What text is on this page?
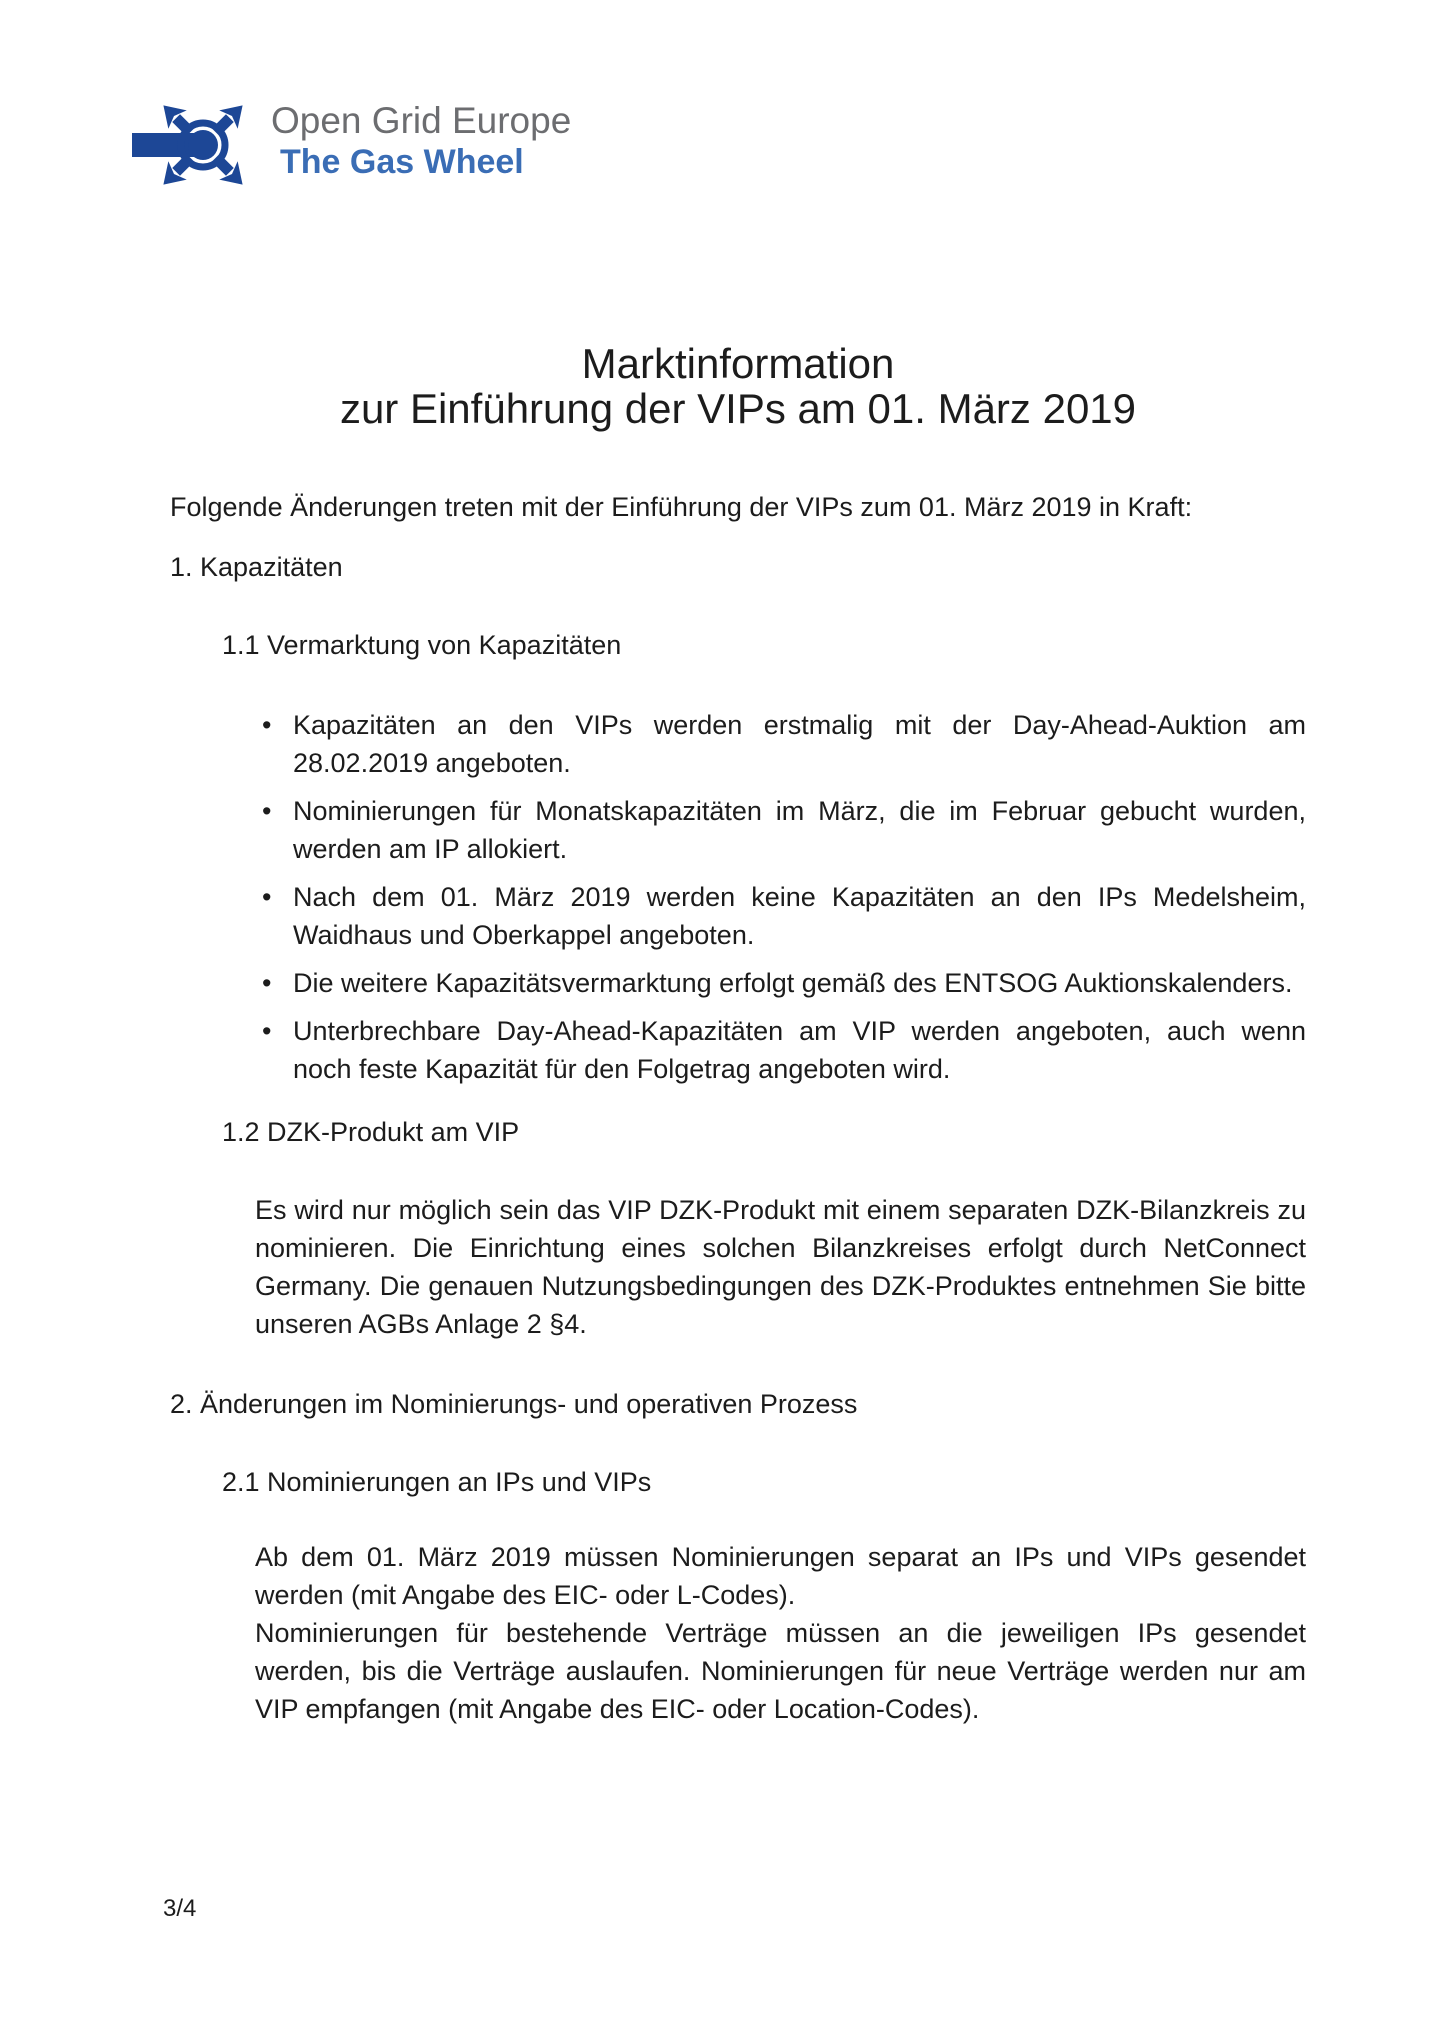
Open Grid Europe
The Gas Wheel
Marktinformation
zur Einführung der VIPs am 01. März 2019

Folgende Änderungen treten mit der Einführung der VIPs zum 01. März 2019 in Kraft:

1. Kapazitäten
1.1 Vermarktung von Kapazitäten
• Kapazitäten an den VIPs werden erstmalig mit der Day-Ahead-Auktion am 28.02.2019 angeboten.
• Nominierungen für Monatskapazitäten im März, die im Februar gebucht wurden, werden am IP allokiert.
• Nach dem 01. März 2019 werden keine Kapazitäten an den IPs Medelsheim, Waidhaus und Oberkappel angeboten.
• Die weitere Kapazitätsvermarktung erfolgt gemäß des ENTSOG Auktionskalenders.
• Unterbrechbare Day-Ahead-Kapazitäten am VIP werden angeboten, auch wenn noch feste Kapazität für den Folgetrag angeboten wird.
1.2 DZK-Produkt am VIP

Es wird nur möglich sein das VIP DZK-Produkt mit einem separaten DZK-Bilanzkreis zu nominieren. Die Einrichtung eines solchen Bilanzkreises erfolgt durch NetConnect Germany. Die genauen Nutzungsbedingungen des DZK-Produktes entnehmen Sie bitte unseren AGBs Anlage 2 §4.

2. Änderungen im Nominierungs- und operativen Prozess
2.1 Nominierungen an IPs und VIPs

Ab dem 01. März 2019 müssen Nominierungen separat an IPs und VIPs gesendet werden (mit Angabe des EIC- oder L-Codes).

Nominierungen für bestehende Verträge müssen an die jeweiligen IPs gesendet werden, bis die Verträge auslaufen. Nominierungen für neue Verträge werden nur am VIP empfangen (mit Angabe des EIC- oder Location-Codes).

3/4
